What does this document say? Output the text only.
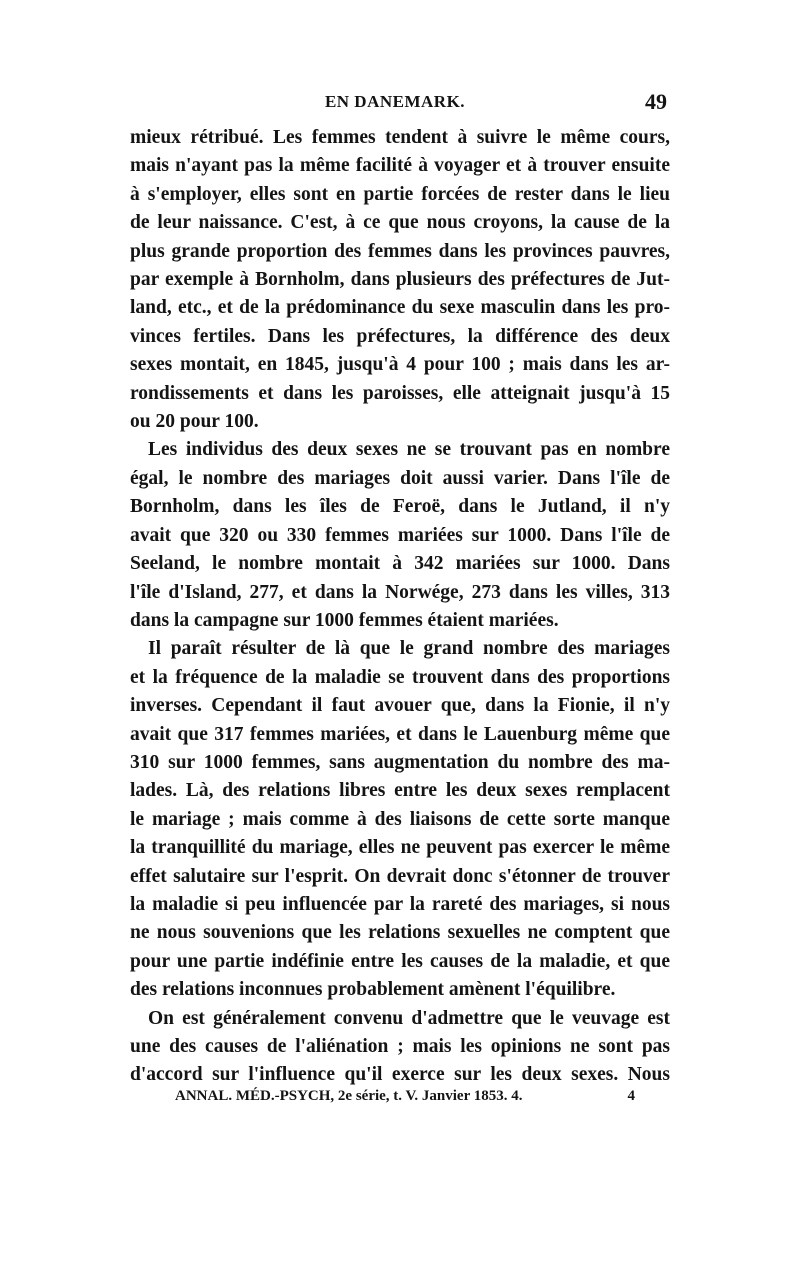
EN DANEMARK.	49
mieux rétribué. Les femmes tendent à suivre le même cours,
mais n'ayant pas la même facilité à voyager et à trouver ensuite
à s'employer, elles sont en partie forcées de rester dans le lieu
de leur naissance. C'est, à ce que nous croyons, la cause de la
plus grande proportion des femmes dans les provinces pauvres,
par exemple à Bornholm, dans plusieurs des préfectures de Jut-
land, etc., et de la prédominance du sexe masculin dans les pro-
vinces fertiles. Dans les préfectures, la différence des deux
sexes montait, en 1845, jusqu'à 4 pour 100 ; mais dans les ar-
rondissements et dans les paroisses, elle atteignait jusqu'à 15
ou 20 pour 100.
Les individus des deux sexes ne se trouvant pas en nombre
égal, le nombre des mariages doit aussi varier. Dans l'île de
Bornholm, dans les îles de Feroë, dans le Jutland, il n'y
avait que 320 ou 330 femmes mariées sur 1000. Dans l'île de
Seeland, le nombre montait à 342 mariées sur 1000. Dans
l'île d'Island, 277, et dans la Norwége, 273 dans les villes, 313
dans la campagne sur 1000 femmes étaient mariées.
Il paraît résulter de là que le grand nombre des mariages
et la fréquence de la maladie se trouvent dans des proportions
inverses. Cependant il faut avouer que, dans la Fionie, il n'y
avait que 317 femmes mariées, et dans le Lauenburg même que
310 sur 1000 femmes, sans augmentation du nombre des ma-
lades. Là, des relations libres entre les deux sexes remplacent
le mariage ; mais comme à des liaisons de cette sorte manque
la tranquillité du mariage, elles ne peuvent pas exercer le même
effet salutaire sur l'esprit. On devrait donc s'étonner de trouver
la maladie si peu influencée par la rareté des mariages, si nous
ne nous souvenions que les relations sexuelles ne comptent que
pour une partie indéfinie entre les causes de la maladie, et que
des relations inconnues probablement amènent l'équilibre.
On est généralement convenu d'admettre que le veuvage est
une des causes de l'aliénation ; mais les opinions ne sont pas
d'accord sur l'influence qu'il exerce sur les deux sexes. Nous
ANNAL. MÉD.-PSYCH, 2e série, t. V. Janvier 1853. 4.	4
